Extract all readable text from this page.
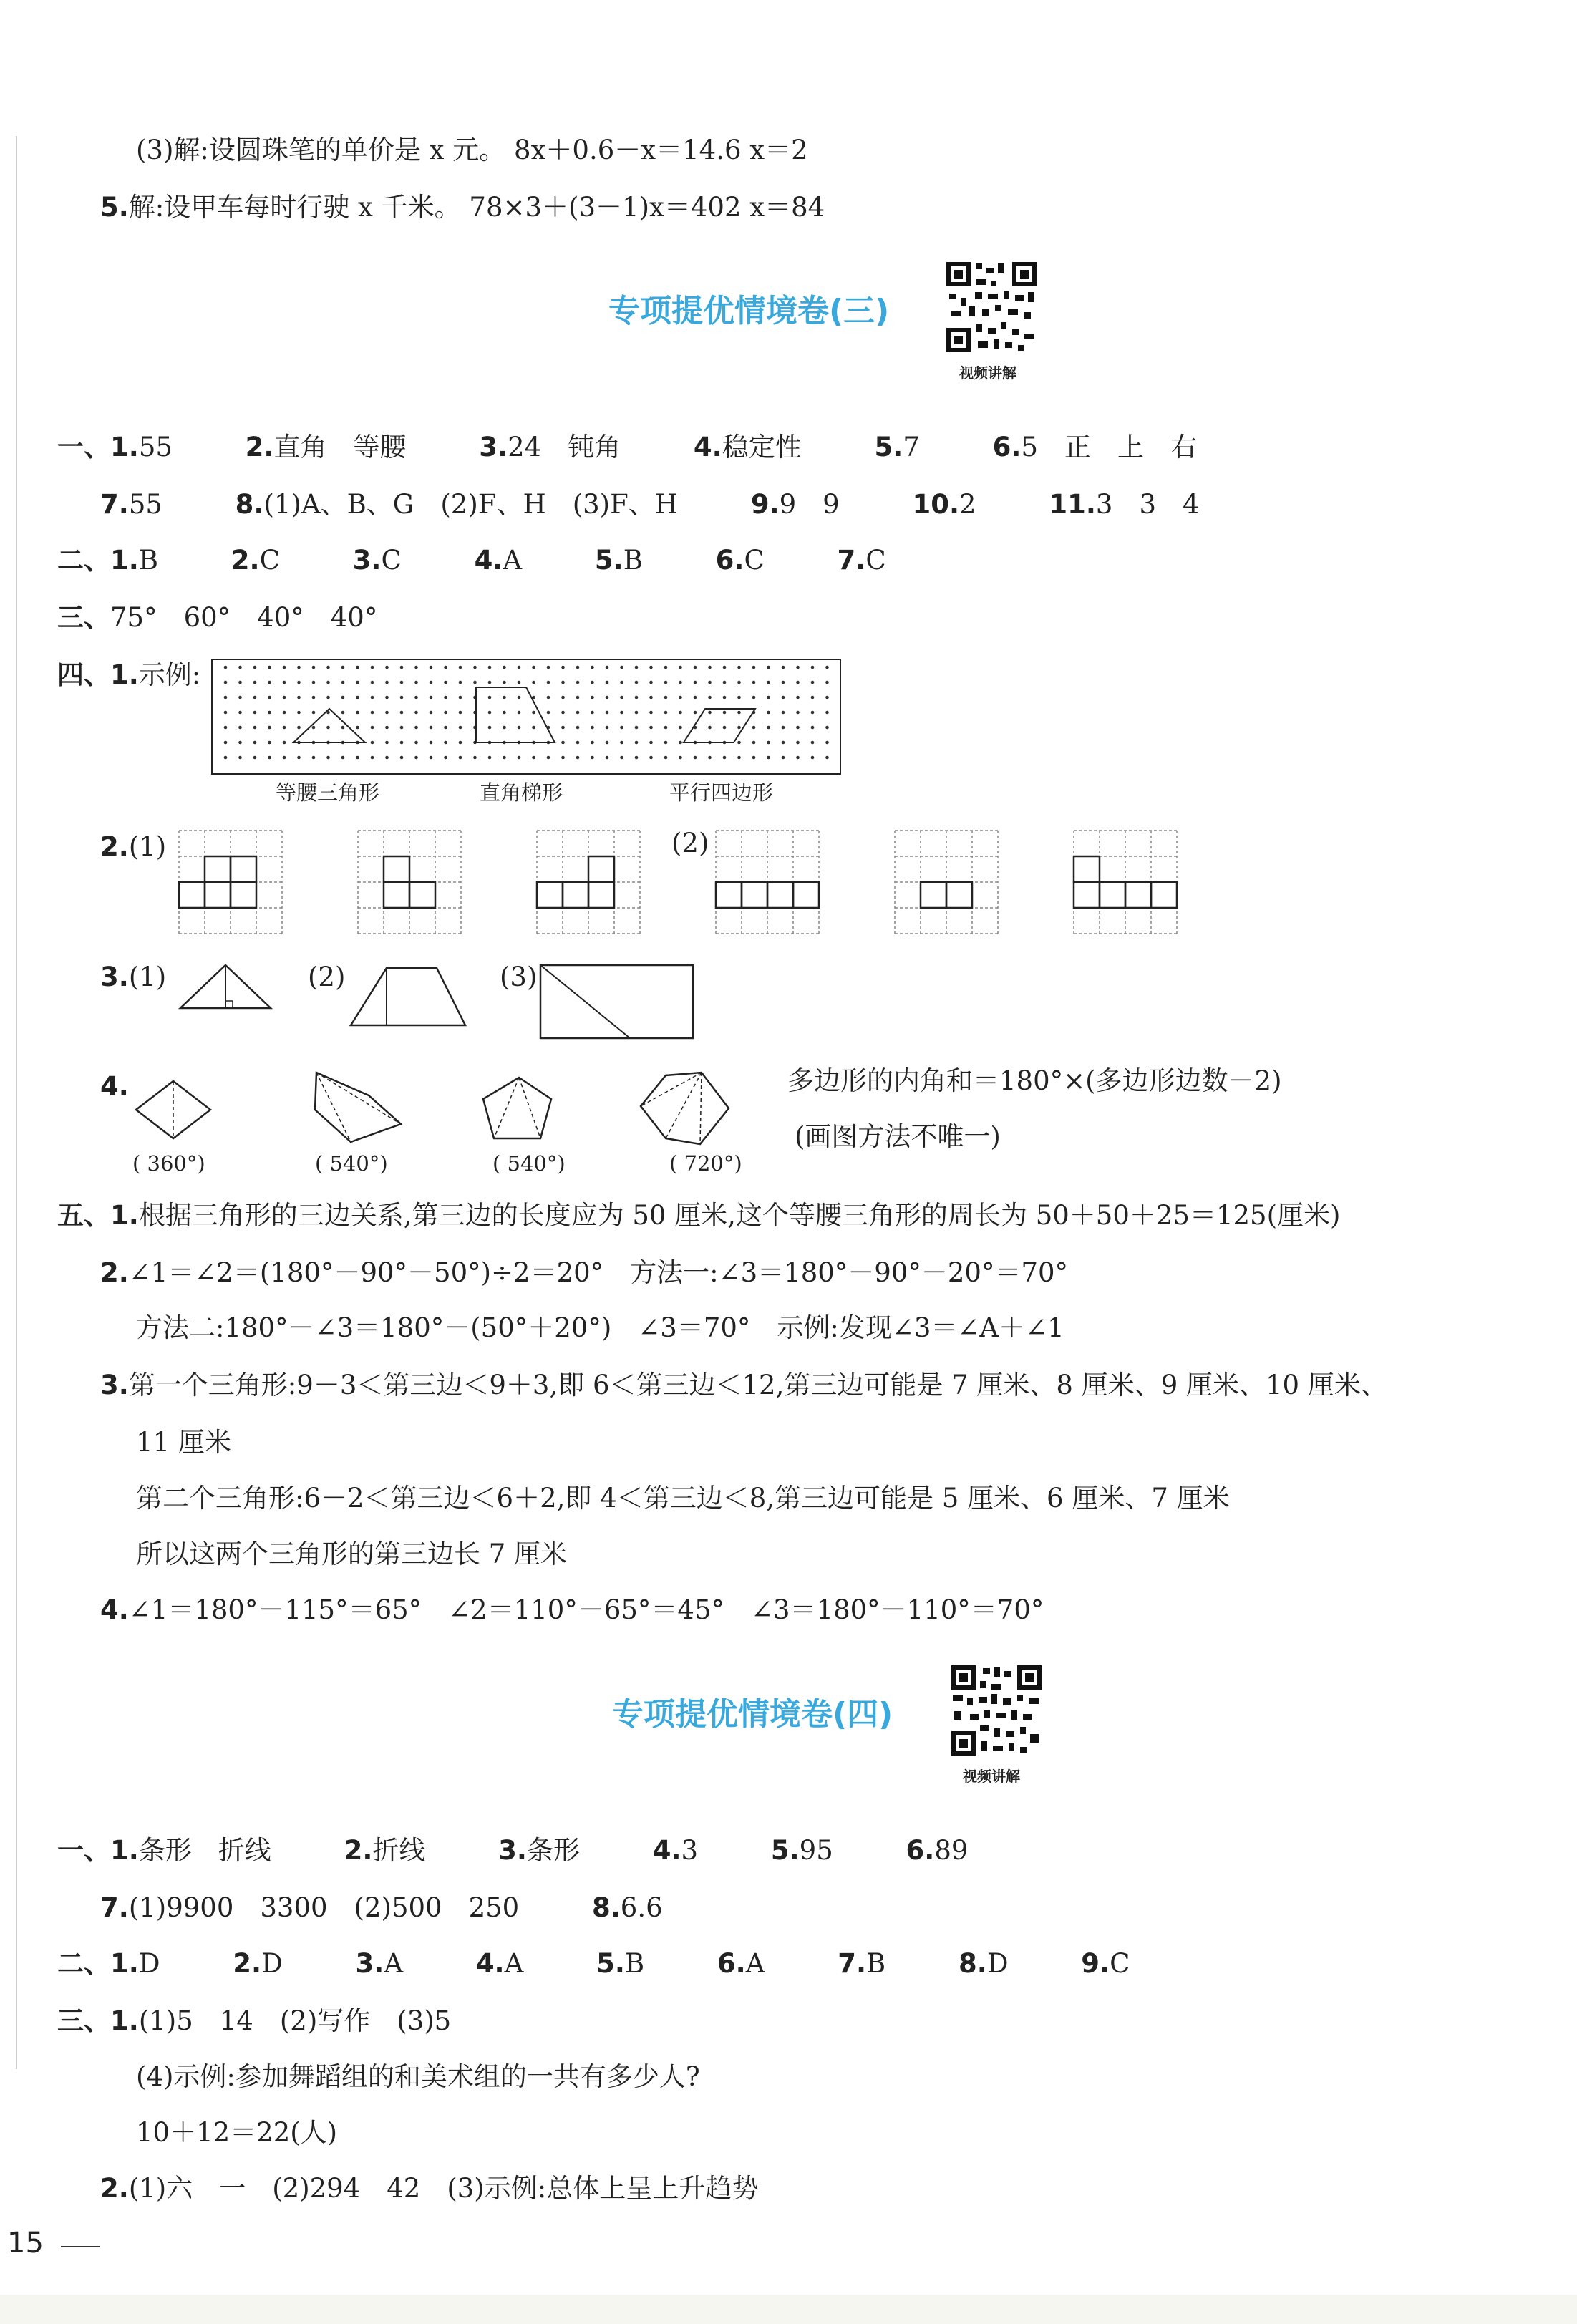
(3)解:设圆珠笔的单价是 x 元。 8x＋0.6－x＝14.6 x＝2
5.解:设甲车每时行驶 x 千米。 78×3＋(3－1)x＝402 x＝84
专项提优情境卷(三)
视频讲解
一、1.55	2.直角　等腰	3.24　钝角	4.稳定性	5.7	6.5　正　上　右
7.55	8.(1)A、B、G　(2)F、H　(3)F、H	9.9　9	10.2	11.3　3　4
二、1.B	2.C	3.C	4.A	5.B	6.C	7.C
三、75°　60°　40°　40°
四、1.示例:
等腰三角形	直角梯形	平行四边形
2.(1)	(2)
3.(1)	(2)	(3)
4.
( 360°)	( 540°)	( 540°)	( 720°)
多边形的内角和＝180°×(多边形边数－2)
(画图方法不唯一)
五、1.根据三角形的三边关系,第三边的长度应为 50 厘米,这个等腰三角形的周长为 50＋50＋25＝125(厘米)
2.∠1＝∠2＝(180°－90°－50°)÷2＝20°　方法一:∠3＝180°－90°－20°＝70°
方法二:180°－∠3＝180°－(50°＋20°)　∠3＝70°　示例:发现∠3＝∠A＋∠1
3.第一个三角形:9－3＜第三边＜9＋3,即 6＜第三边＜12,第三边可能是 7 厘米、8 厘米、9 厘米、10 厘米、
11 厘米
第二个三角形:6－2＜第三边＜6＋2,即 4＜第三边＜8,第三边可能是 5 厘米、6 厘米、7 厘米
所以这两个三角形的第三边长 7 厘米
4.∠1＝180°－115°＝65°　∠2＝110°－65°＝45°　∠3＝180°－110°＝70°
专项提优情境卷(四)
视频讲解
一、1.条形　折线	2.折线	3.条形	4.3	5.95	6.89
7.(1)9900　3300　(2)500　250	8.6.6
二、1.D	2.D	3.A	4.A	5.B	6.A	7.B	8.D	9.C
三、1.(1)5　14　(2)写作　(3)5
(4)示例:参加舞蹈组的和美术组的一共有多少人?
10＋12＝22(人)
2.(1)六　一　(2)294　42　(3)示例:总体上呈上升趋势
15
